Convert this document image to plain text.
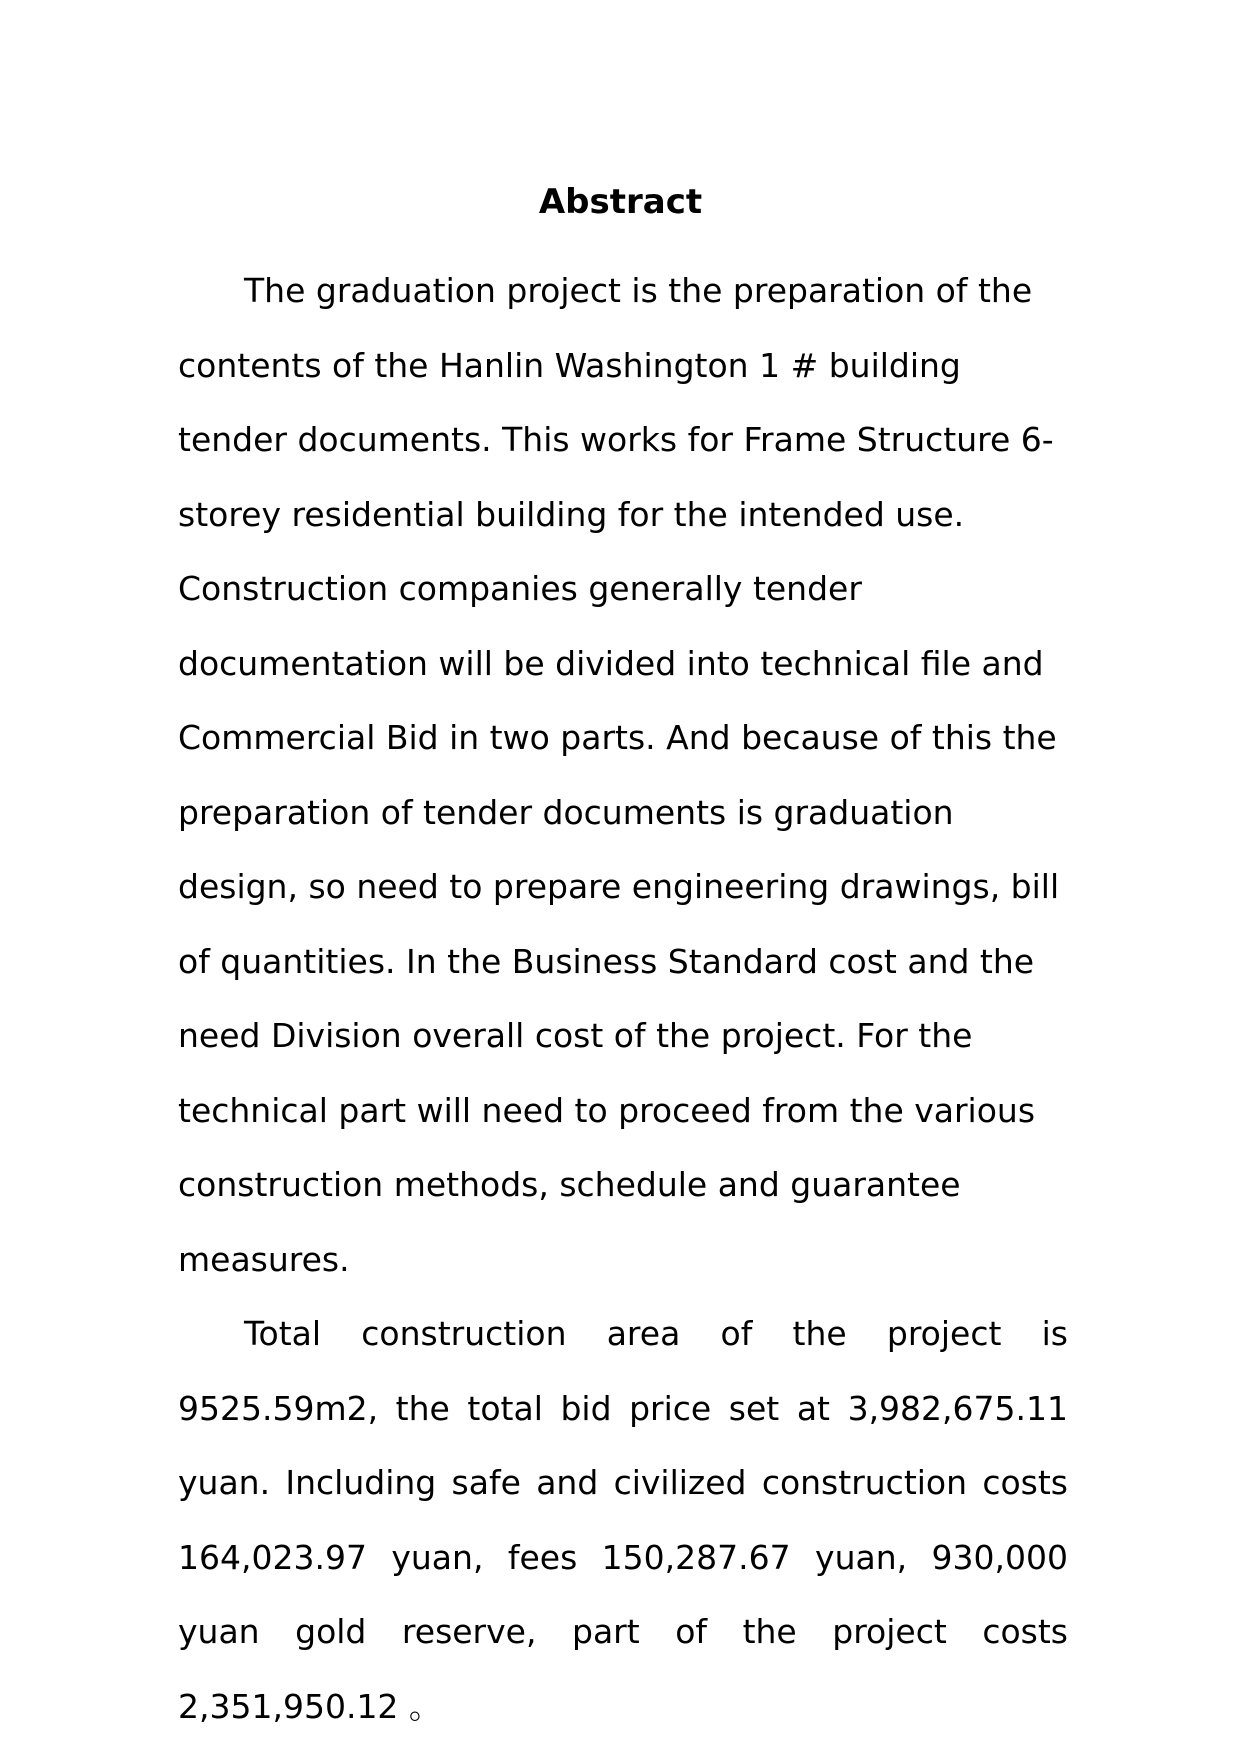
Abstract

The graduation project is the preparation of the contents of the Hanlin Washington 1 # building tender documents. This works for Frame Structure 6-storey residential building for the intended use. Construction companies generally tender documentation will be divided into technical file and Commercial Bid in two parts. And because of this the preparation of tender documents is graduation design, so need to prepare engineering drawings, bill of quantities. In the Business Standard cost and the need Division overall cost of the project. For the technical part will need to proceed from the various construction methods, schedule and guarantee measures.

Total construction area of the project is 9525.59m2, the total bid price set at 3,982,675.11 yuan. Including safe and civilized construction costs 164,023.97 yuan, fees 150,287.67 yuan, 930,000 yuan gold reserve, part of the project costs 2,351,950.12 。
